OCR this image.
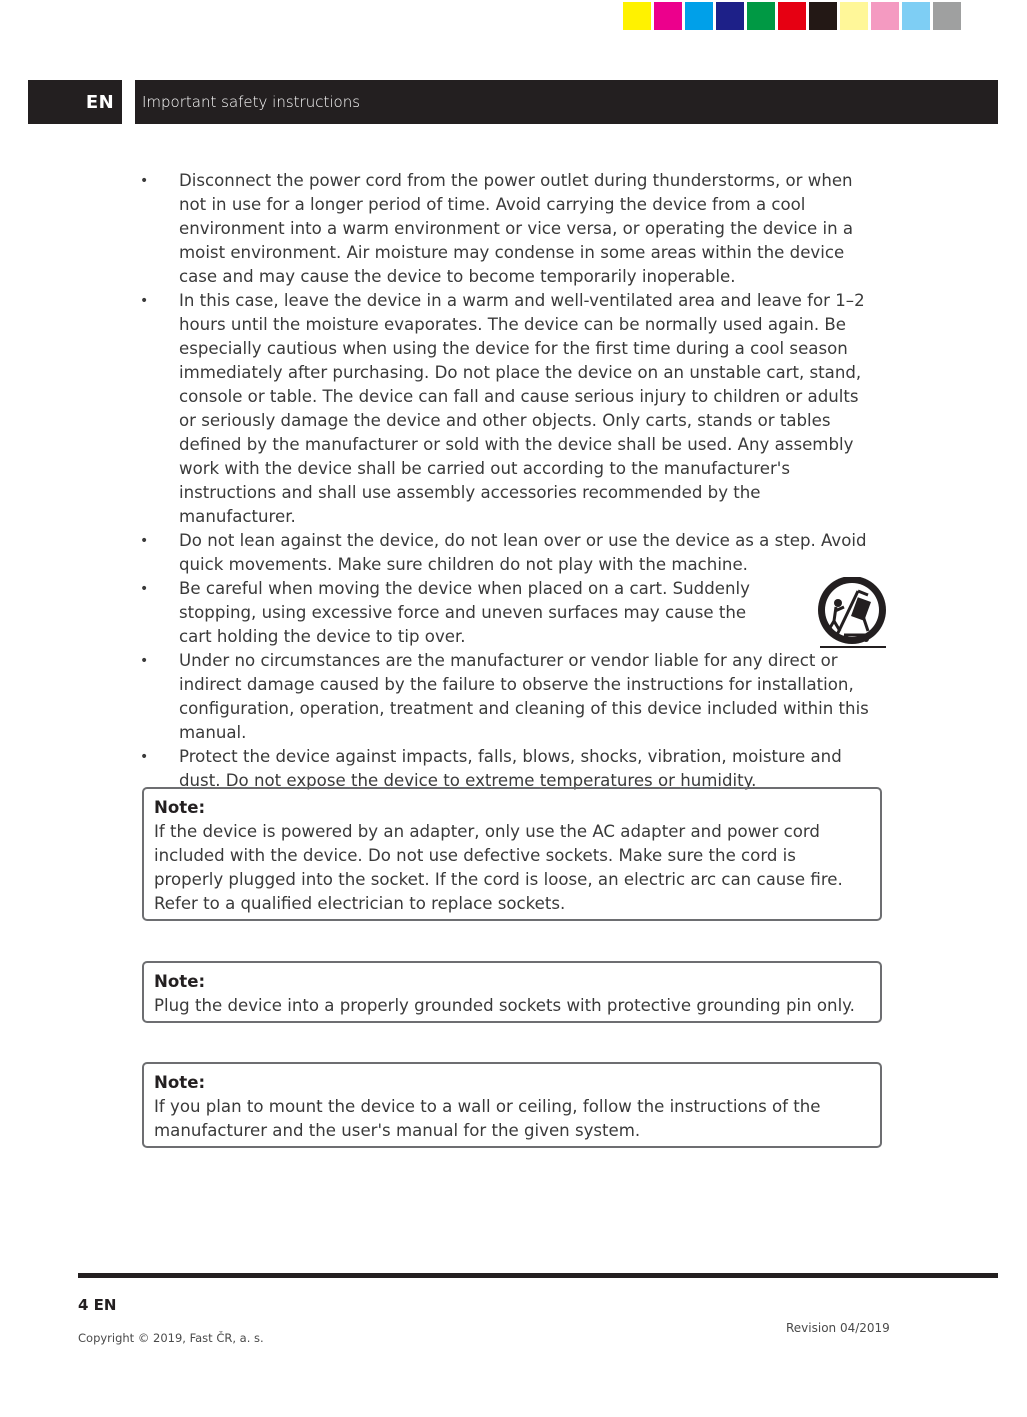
EN Important safety instructions
• Disconnect the power cord from the power outlet during thunderstorms, or when not in use for a longer period of time. Avoid carrying the device from a cool environment into a warm environment or vice versa, or operating the device in a moist environment. Air moisture may condense in some areas within the device case and may cause the device to become temporarily inoperable.
• In this case, leave the device in a warm and well-ventilated area and leave for 1–2 hours until the moisture evaporates. The device can be normally used again. Be especially cautious when using the device for the first time during a cool season immediately after purchasing. Do not place the device on an unstable cart, stand, console or table. The device can fall and cause serious injury to children or adults or seriously damage the device and other objects. Only carts, stands or tables defined by the manufacturer or sold with the device shall be used. Any assembly work with the device shall be carried out according to the manufacturer's instructions and shall use assembly accessories recommended by the manufacturer.
• Do not lean against the device, do not lean over or use the device as a step. Avoid quick movements. Make sure children do not play with the machine.
• Be careful when moving the device when placed on a cart. Suddenly stopping, using excessive force and uneven surfaces may cause the cart holding the device to tip over.
• Under no circumstances are the manufacturer or vendor liable for any direct or indirect damage caused by the failure to observe the instructions for installation, configuration, operation, treatment and cleaning of this device included within this manual.
• Protect the device against impacts, falls, blows, shocks, vibration, moisture and dust. Do not expose the device to extreme temperatures or humidity.
Note:
If the device is powered by an adapter, only use the AC adapter and power cord included with the device. Do not use defective sockets. Make sure the cord is properly plugged into the socket. If the cord is loose, an electric arc can cause fire. Refer to a qualified electrician to replace sockets.
Note:
Plug the device into a properly grounded sockets with protective grounding pin only.
Note:
If you plan to mount the device to a wall or ceiling, follow the instructions of the manufacturer and the user's manual for the given system.
4 EN
Copyright © 2019, Fast ČR, a. s.
Revision 04/2019
